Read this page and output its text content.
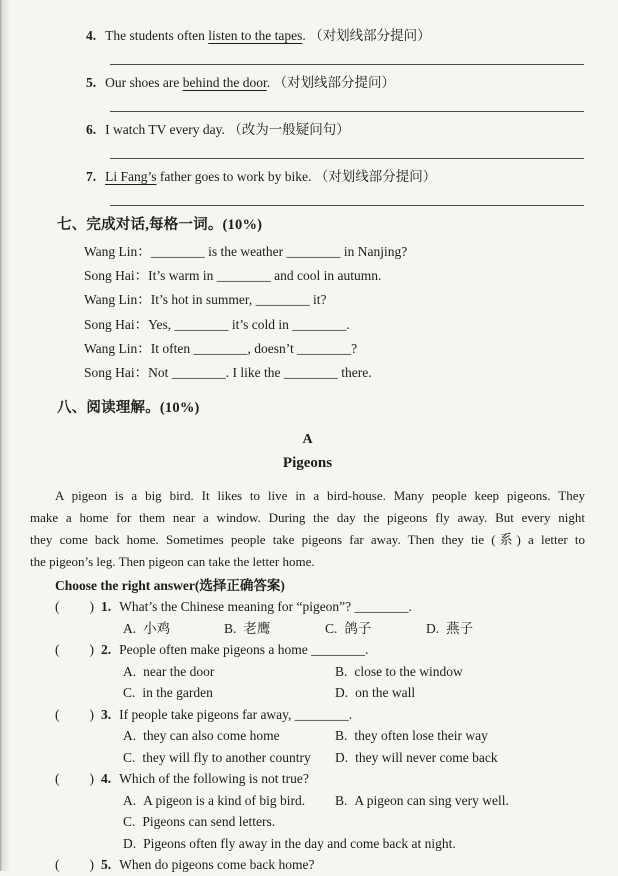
4. The students often listen to the tapes. （对划线部分提问）
5. Our shoes are behind the door. （对划线部分提问）
6. I watch TV every day. （改为一般疑问句）
7. Li Fang’s father goes to work by bike. （对划线部分提问）
七、完成对话,每格一词。(10%)
Wang Lin：________ is the weather ________ in Nanjing?
Song Hai：It’s warm in ________ and cool in autumn.
Wang Lin：It’s hot in summer, ________ it?
Song Hai：Yes, ________ it’s cold in ________.
Wang Lin：It often ________, doesn’t ________?
Song Hai：Not ________. I like the ________ there.
八、阅读理解。(10%)
A
Pigeons
A pigeon is a big bird. It likes to live in a bird-house. Many people keep pigeons. They
make a home for them near a window. During the day the pigeons fly away. But every night
they come back home. Sometimes people take pigeons far away. Then they tie (系) a letter to
the pigeon’s leg. Then pigeon can take the letter home.
Choose the right answer(选择正确答案)
( ) 1. What’s the Chinese meaning for “pigeon”? ________.
A. 小鸡	B. 老鹰	C. 鸽子	D. 燕子
( ) 2. People often make pigeons a home ________.
A. near the door	B. close to the window
C. in the garden	D. on the wall
( ) 3. If people take pigeons far away, ________.
A. they can also come home	B. they often lose their way
C. they will fly to another country D. they will never come back
( ) 4. Which of the following is not true?
A. A pigeon is a kind of big bird. B. A pigeon can sing very well.
C. Pigeons can send letters.
D. Pigeons often fly away in the day and come back at night.
( ) 5. When do pigeons come back home?
